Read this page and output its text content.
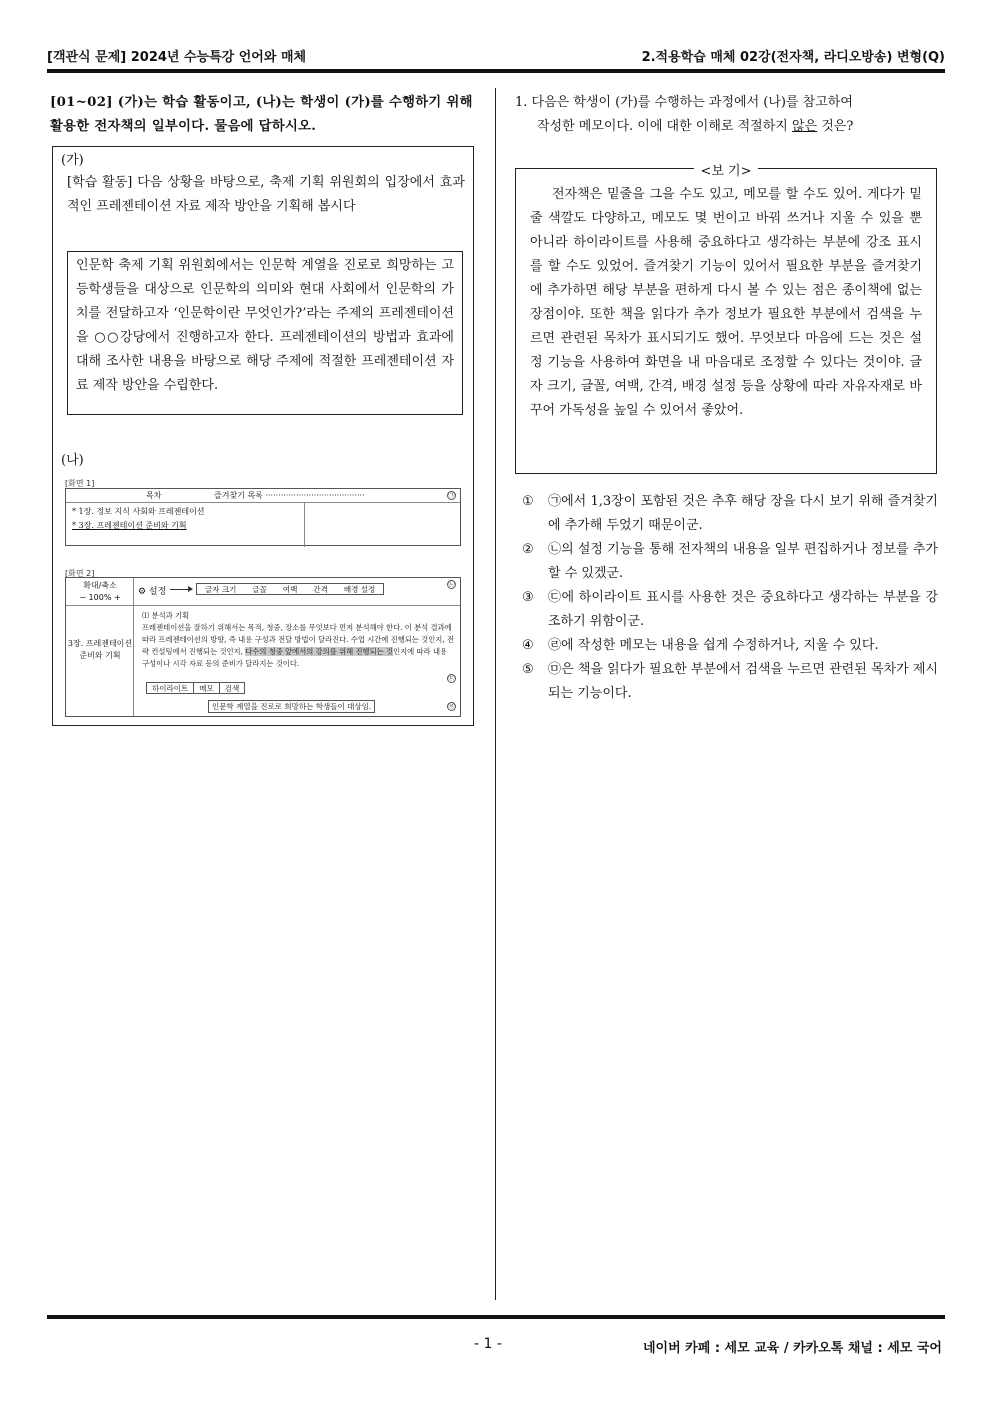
[객관식 문제] 2024년 수능특강 언어와 매체	2.적용학습 매체 02강(전자책, 라디오방송) 변형(Q)
[01~02] (가)는 학습 활동이고, (나)는 학생이 (가)를 수행하기 위해 활용한 전자책의 일부이다. 물음에 답하시오.
(가)
[학습 활동] 다음 상황을 바탕으로, 축제 기획 위원회의 입장에서 효과적인 프레젠테이션 자료 제작 방안을 기획해 봅시다
인문학 축제 기획 위원회에서는 인문학 계열을 진로로 희망하는 고등학생들을 대상으로 인문학의 의미와 현대 사회에서 인문학의 가치를 전달하고자 ‘인문학이란 무엇인가?’라는 주제의 프레젠테이션을 ○○강당에서 진행하고자 한다. 프레젠테이션의 방법과 효과에 대해 조사한 내용을 바탕으로 해당 주제에 적절한 프레젠테이션 자료 제작 방안을 수립한다.
(나)
[화면 1]
목차	즐겨찾기 목록 ·······································	㉠
* 1장. 정보 지식 사회와 프레젠테이션
* 3장. 프레젠테이션 준비와 기획
[화면 2]
확대/축소
− 100% +
3장. 프레젠테이션 준비와 기획
⚙ 설정	글자 크기	글꼴	여백	간격	배경 설정
㉡
⑴ 분석과 기획
프레젠테이션을 잘하기 위해서는 목적, 청중, 장소를 무엇보다 먼저 분석해야 한다. 이 분석 결과에 따라 프레젠테이션의 방향, 즉 내용 구성과 전달 방법이 달라진다. 수업 시간에 진행되는 것인지, 전략 컨설팅에서 진행되는 것인지, 다수의 청중 앞에서의 강의를 위해 진행되는 것인지에 따라 내용 구성이나 시각 자료 등의 준비가 달라지는 것이다.
㉢
하이라이트	메모	검색
인문학 계열을 진로로 희망하는 학생들이 대상임.	㉣
1. 다음은 학생이 (가)를 수행하는 과정에서 (나)를 참고하여
작성한 메모이다. 이에 대한 이해로 적절하지 않은 것은?
<보 기>
전자책은 밑줄을 그을 수도 있고, 메모를 할 수도 있어. 게다가 밑줄 색깔도 다양하고, 메모도 몇 번이고 바꿔 쓰거나 지울 수 있을 뿐 아니라 하이라이트를 사용해 중요하다고 생각하는 부분에 강조 표시를 할 수도 있었어. 즐겨찾기 기능이 있어서 필요한 부분을 즐겨찾기에 추가하면 해당 부분을 편하게 다시 볼 수 있는 점은 종이책에 없는 장점이야. 또한 책을 읽다가 추가 정보가 필요한 부분에서 검색을 누르면 관련된 목차가 표시되기도 했어. 무엇보다 마음에 드는 것은 설정 기능을 사용하여 화면을 내 마음대로 조정할 수 있다는 것이야. 글자 크기, 글꼴, 여백, 간격, 배경 설정 등을 상황에 따라 자유자재로 바꾸어 가독성을 높일 수 있어서 좋았어.
① ㉠에서 1,3장이 포함된 것은 추후 해당 장을 다시 보기 위해 즐겨찾기에 추가해 두었기 때문이군.
② ㉡의 설정 기능을 통해 전자책의 내용을 일부 편집하거나 정보를 추가할 수 있겠군.
③ ㉢에 하이라이트 표시를 사용한 것은 중요하다고 생각하는 부분을 강조하기 위함이군.
④ ㉣에 작성한 메모는 내용을 쉽게 수정하거나, 지울 수 있다.
⑤ ㉤은 책을 읽다가 필요한 부분에서 검색을 누르면 관련된 목차가 제시되는 기능이다.
- 1 -	네이버 카페 : 세모 교육 / 카카오톡 채널 : 세모 국어
